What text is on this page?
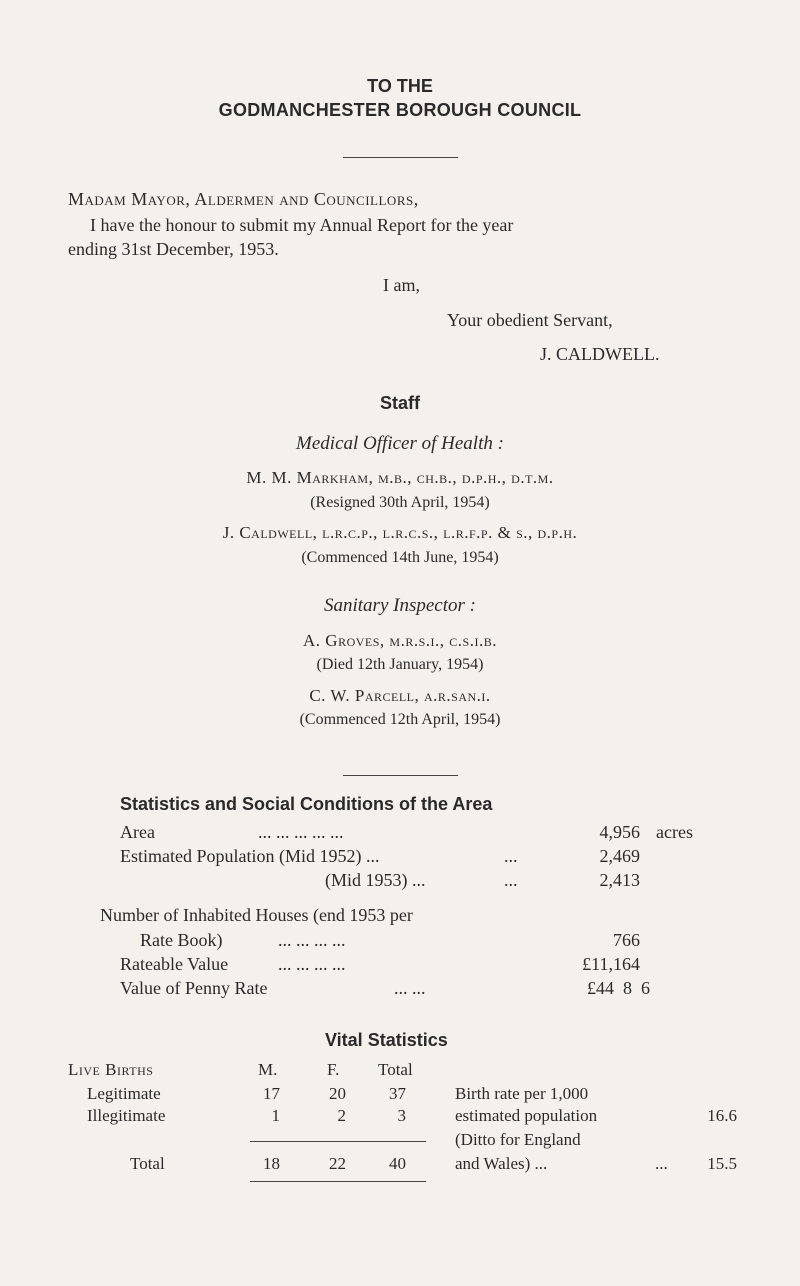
TO THE
GODMANCHESTER BOROUGH COUNCIL
Madam Mayor, Aldermen and Councillors,
I have the honour to submit my Annual Report for the year
ending 31st December, 1953.
I am,
Your obedient Servant,
J. CALDWELL.
Staff
Medical Officer of Health :
M. M. Markham, m.b., ch.b., d.p.h., d.t.m.
(Resigned 30th April, 1954)
J. Caldwell, l.r.c.p., l.r.c.s., l.r.f.p. & s., d.p.h.
(Commenced 14th June, 1954)
Sanitary Inspector :
A. Groves, m.r.s.i., c.s.i.b.
(Died 12th January, 1954)
C. W. Parcell, a.r.san.i.
(Commenced 12th April, 1954)
Statistics and Social Conditions of the Area
Area	... ... ... ... ...	4,956 acres
Estimated Population (Mid 1952) ...	...	2,469
(Mid 1953) ...	...	2,413
Number of Inhabited Houses (end 1953 per
Rate Book)	... ... ... ...	766
Rateable Value	... ... ... ...	£11,164
Value of Penny Rate	... ...	£44  8  6
Vital Statistics
Live Births	M.	F. Total
Legitimate	17	20	37
Illegitimate	1	2	3
Total	18	22	40
Birth rate per 1,000
estimated population	16.6
(Ditto for England
and Wales) ...	...	15.5
